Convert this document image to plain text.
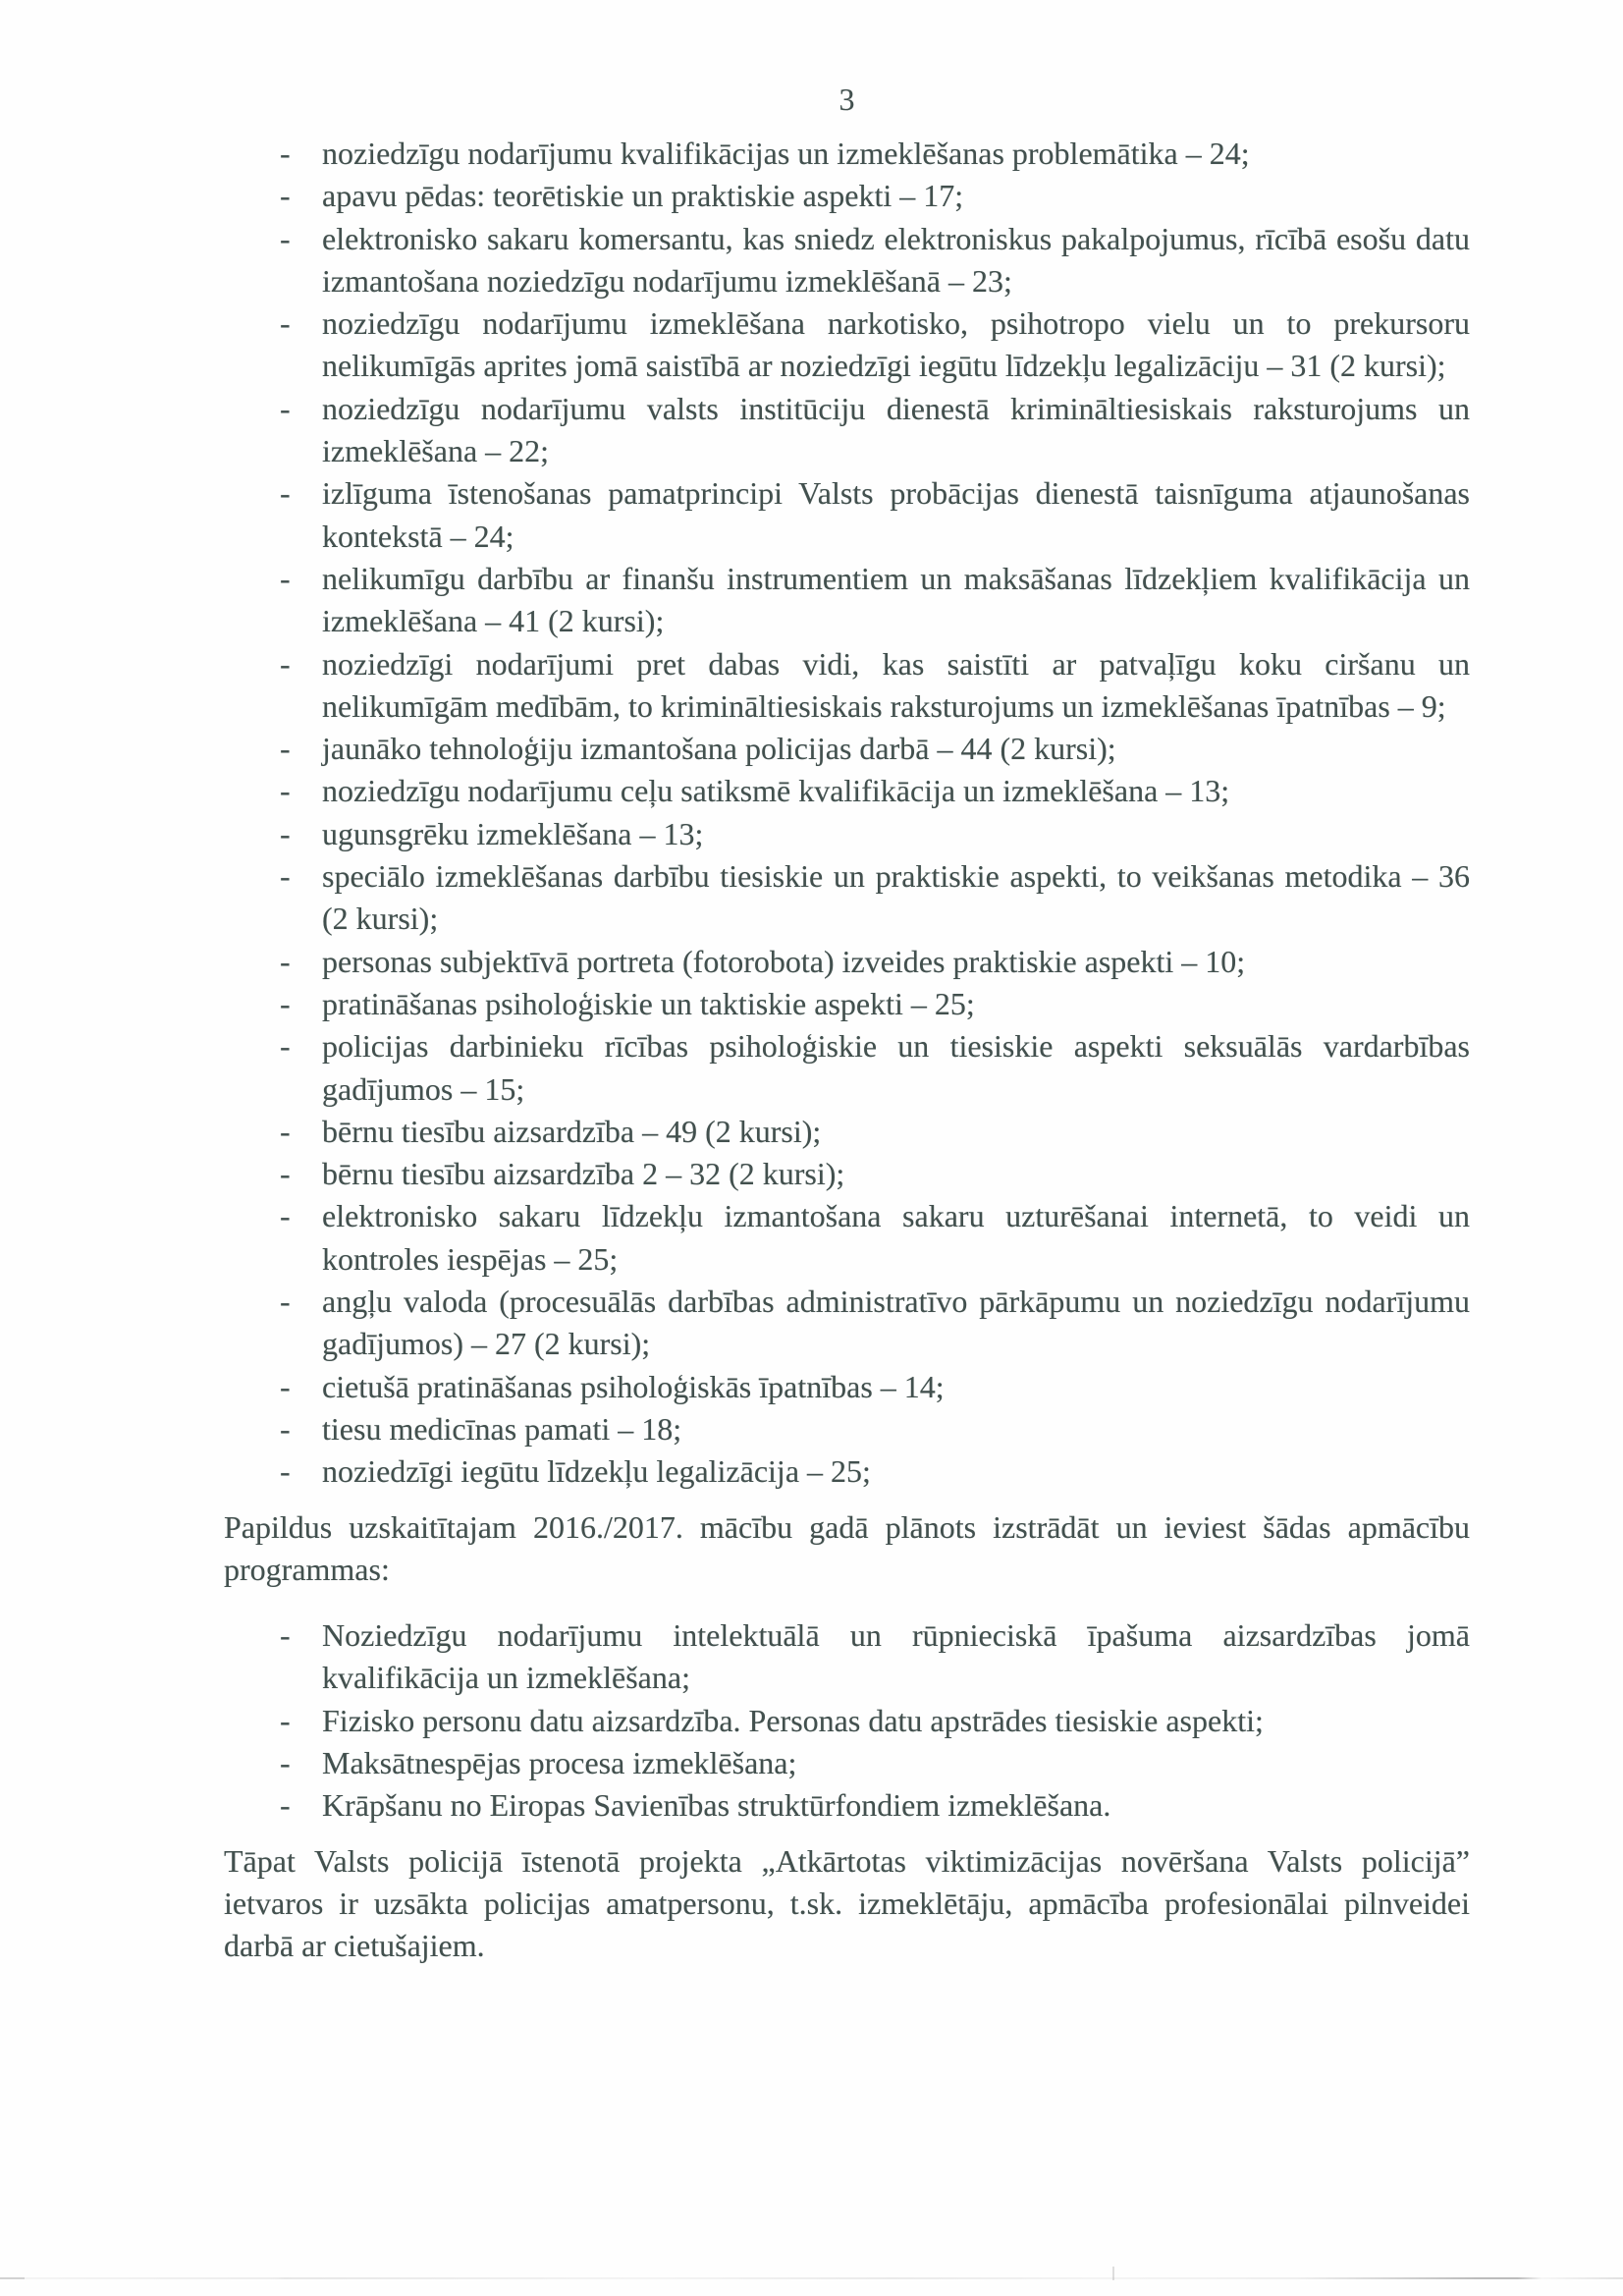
3
- noziedzīgu nodarījumu kvalifikācijas un izmeklēšanas problemātika – 24;
- apavu pēdas: teorētiskie un praktiskie aspekti – 17;
- elektronisko sakaru komersantu, kas sniedz elektroniskus pakalpojumus, rīcībā esošu datu izmantošana noziedzīgu nodarījumu izmeklēšanā – 23;
- noziedzīgu nodarījumu izmeklēšana narkotisko, psihotropo vielu un to prekursoru nelikumīgās aprites jomā saistībā ar noziedzīgi iegūtu līdzekļu legalizāciju – 31 (2 kursi);
- noziedzīgu nodarījumu valsts institūciju dienestā krimināltiesiskais raksturojums un izmeklēšana – 22;
- izlīguma īstenošanas pamatprincipi Valsts probācijas dienestā taisnīguma atjaunošanas kontekstā – 24;
- nelikumīgu darbību ar finanšu instrumentiem un maksāšanas līdzekļiem kvalifikācija un izmeklēšana – 41 (2 kursi);
- noziedzīgi nodarījumi pret dabas vidi, kas saistīti ar patvaļīgu koku ciršanu un nelikumīgām medībām, to krimināltiesiskais raksturojums un izmeklēšanas īpatnības – 9;
- jaunāko tehnoloģiju izmantošana policijas darbā – 44 (2 kursi);
- noziedzīgu nodarījumu ceļu satiksmē kvalifikācija un izmeklēšana – 13;
- ugunsgrēku izmeklēšana – 13;
- speciālo izmeklēšanas darbību tiesiskie un praktiskie aspekti, to veikšanas metodika – 36 (2 kursi);
- personas subjektīvā portreta (fotorobota) izveides praktiskie aspekti – 10;
- pratināšanas psiholoģiskie un taktiskie aspekti – 25;
- policijas darbinieku rīcības psiholoģiskie un tiesiskie aspekti seksuālās vardarbības gadījumos – 15;
- bērnu tiesību aizsardzība – 49 (2 kursi);
- bērnu tiesību aizsardzība 2 – 32 (2 kursi);
- elektronisko sakaru līdzekļu izmantošana sakaru uzturēšanai internetā, to veidi un kontroles iespējas – 25;
- angļu valoda (procesuālās darbības administratīvo pārkāpumu un noziedzīgu nodarījumu gadījumos) – 27 (2 kursi);
- cietušā pratināšanas psiholoģiskās īpatnības – 14;
- tiesu medicīnas pamati – 18;
- noziedzīgi iegūtu līdzekļu legalizācija – 25;

Papildus uzskaitītajam 2016./2017. mācību gadā plānots izstrādāt un ieviest šādas apmācību programmas:

- Noziedzīgu nodarījumu intelektuālā un rūpnieciskā īpašuma aizsardzības jomā kvalifikācija un izmeklēšana;
- Fizisko personu datu aizsardzība. Personas datu apstrādes tiesiskie aspekti;
- Maksātnespējas procesa izmeklēšana;
- Krāpšanu no Eiropas Savienības struktūrfondiem izmeklēšana.

Tāpat Valsts policijā īstenotā projekta „Atkārtotas viktimizācijas novēršana Valsts policijā” ietvaros ir uzsākta policijas amatpersonu, t.sk. izmeklētāju, apmācība profesionālai pilnveidei darbā ar cietušajiem.
